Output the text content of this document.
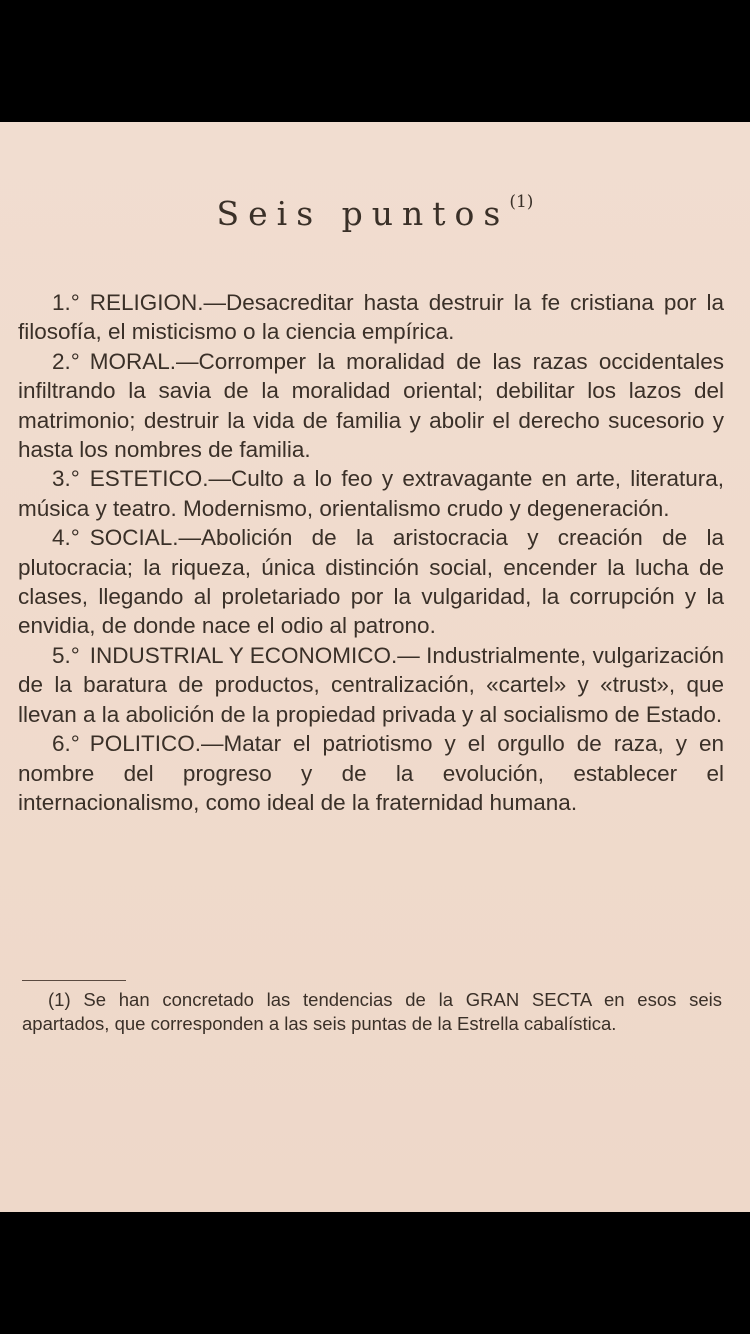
Seis puntos$^{(1)}$

1.° RELIGION.—Desacreditar hasta destruir la fe cristiana por la filosofía, el misticismo o la ciencia empírica.

2.° MORAL.—Corromper la moralidad de las razas occidentales infiltrando la savia de la moralidad oriental; debilitar los lazos del matrimonio; destruir la vida de familia y abolir el derecho sucesorio y hasta los nombres de familia.

3.° ESTETICO.—Culto a lo feo y extravagante en arte, literatura, música y teatro. Modernismo, orientalismo crudo y degeneración.

4.° SOCIAL.—Abolición de la aristocracia y creación de la plutocracia; la riqueza, única distinción social, encender la lucha de clases, llegando al proletariado por la vulgaridad, la corrupción y la envidia, de donde nace el odio al patrono.

5.° INDUSTRIAL Y ECONOMICO.— Industrialmente, vulgarización de la baratura de productos, centralización, «cartel» y «trust», que llevan a la abolición de la propiedad privada y al socialismo de Estado.

6.° POLITICO.—Matar el patriotismo y el orgullo de raza, y en nombre del progreso y de la evolución, establecer el internacionalismo, como ideal de la fraternidad humana.

(1) Se han concretado las tendencias de la GRAN SECTA en esos seis apartados, que corresponden a las seis puntas de la Estrella cabalística.
